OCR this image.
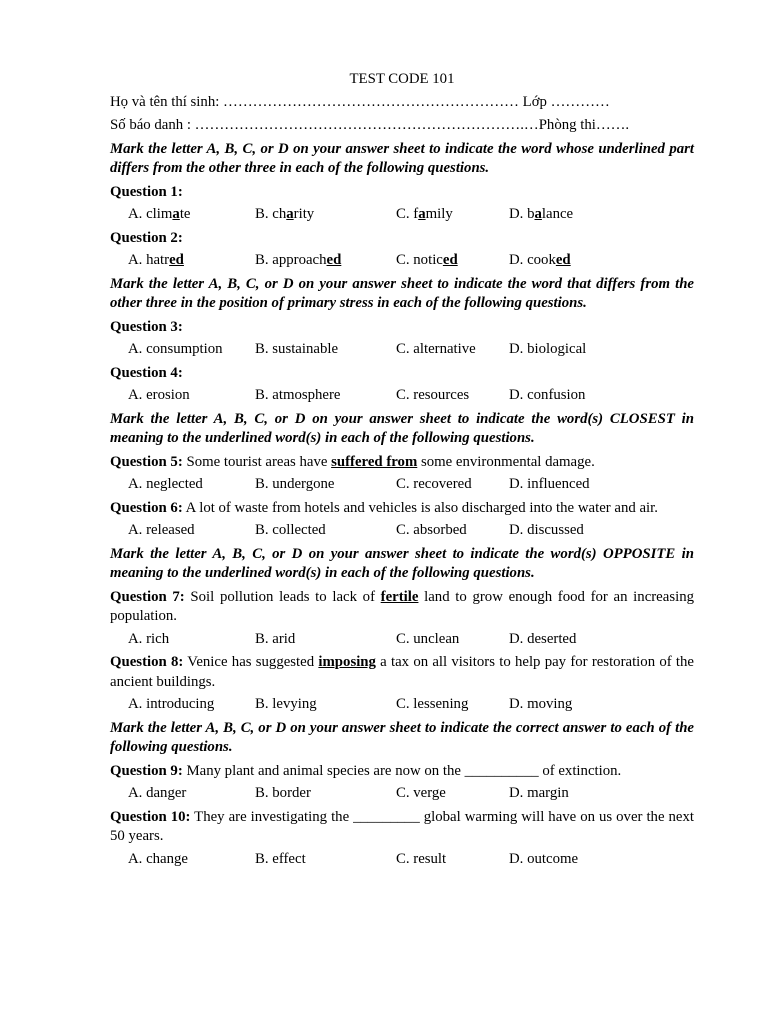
TEST CODE 101
Họ và tên thí sinh: …………………………………………………… Lớp …………
Số báo danh : ………………………………………………………….…Phòng thi…….
Mark the letter A, B, C, or D on your answer sheet to indicate the word whose underlined part differs from the other three in each of the following questions.
Question 1:
A. climate	B. charity	C. family	D. balance
Question 2:
A. hatred	B. approached	C. noticed	D. cooked
Mark the letter A, B, C, or D on your answer sheet to indicate the word that differs from the other three in the position of primary stress in each of the following questions.
Question 3:
A. consumption	B. sustainable	C. alternative	D. biological
Question 4:
A. erosion	B. atmosphere	C. resources	D. confusion
Mark the letter A, B, C, or D on your answer sheet to indicate the word(s) CLOSEST in meaning to the underlined word(s) in each of the following questions.
Question 5: Some tourist areas have suffered from some environmental damage.
A. neglected	B. undergone	C. recovered	D. influenced
Question 6: A lot of waste from hotels and vehicles is also discharged into the water and air.
A. released	B. collected	C. absorbed	D. discussed
Mark the letter A, B, C, or D on your answer sheet to indicate the word(s) OPPOSITE in meaning to the underlined word(s) in each of the following questions.
Question 7: Soil pollution leads to lack of fertile land to grow enough food for an increasing population.
A. rich	B. arid	C. unclean	D. deserted
Question 8: Venice has suggested imposing a tax on all visitors to help pay for restoration of the ancient buildings.
A. introducing	B. levying	C. lessening	D. moving
Mark the letter A, B, C, or D on your answer sheet to indicate the correct answer to each of the following questions.
Question 9: Many plant and animal species are now on the __________ of extinction.
A. danger	B. border	C. verge	D. margin
Question 10: They are investigating the _________ global warming will have on us over the next 50 years.
A. change	B. effect	C. result	D. outcome
